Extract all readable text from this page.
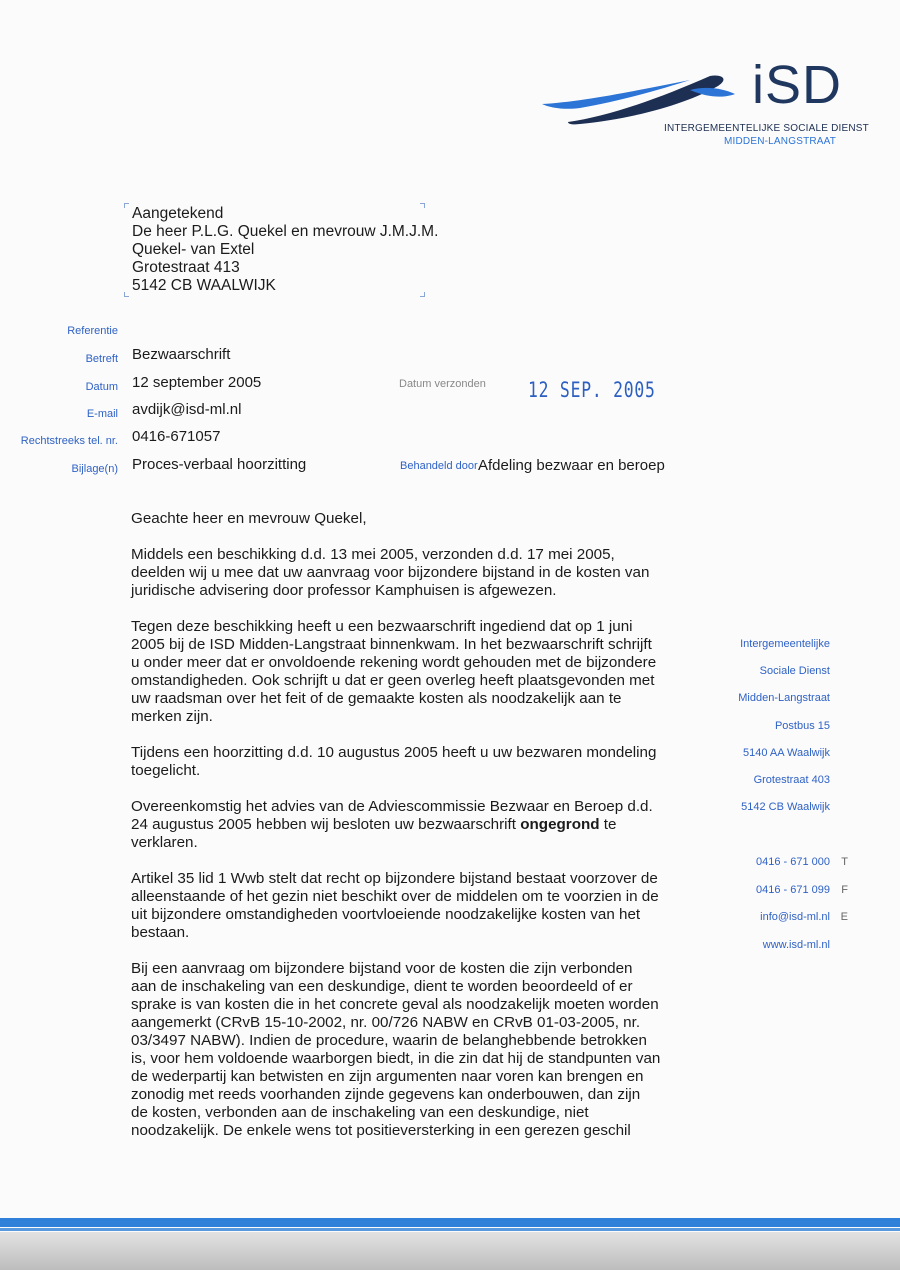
iSD
INTERGEMEENTELIJKE SOCIALE DIENST
MIDDEN-LANGSTRAAT
Aangetekend
De heer P.L.G. Quekel en mevrouw J.M.J.M.
Quekel- van Extel
Grotestraat 413
5142 CB WAALWIJK
Referentie
Betreft Bezwaarschrift
Datum 12 september 2005
E-mail avdijk@isd-ml.nl
Rechtstreeks tel. nr. 0416-671057
Bijlage(n) Proces-verbaal hoorzitting
Datum verzonden 12 SEP. 2005
Behandeld door Afdeling bezwaar en beroep
Geachte heer en mevrouw Quekel,
Middels een beschikking d.d. 13 mei 2005, verzonden d.d. 17 mei 2005,
deelden wij u mee dat uw aanvraag voor bijzondere bijstand in de kosten van
juridische advisering door professor Kamphuisen is afgewezen.
Tegen deze beschikking heeft u een bezwaarschrift ingediend dat op 1 juni
2005 bij de ISD Midden-Langstraat binnenkwam. In het bezwaarschrift schrijft
u onder meer dat er onvoldoende rekening wordt gehouden met de bijzondere
omstandigheden. Ook schrijft u dat er geen overleg heeft plaatsgevonden met
uw raadsman over het feit of de gemaakte kosten als noodzakelijk aan te
merken zijn.
Tijdens een hoorzitting d.d. 10 augustus 2005 heeft u uw bezwaren mondeling
toegelicht.
Overeenkomstig het advies van de Adviescommissie Bezwaar en Beroep d.d.
24 augustus 2005 hebben wij besloten uw bezwaarschrift ongegrond te
verklaren.
Artikel 35 lid 1 Wwb stelt dat recht op bijzondere bijstand bestaat voorzover de
alleenstaande of het gezin niet beschikt over de middelen om te voorzien in de
uit bijzondere omstandigheden voortvloeiende noodzakelijke kosten van het
bestaan.
Bij een aanvraag om bijzondere bijstand voor de kosten die zijn verbonden
aan de inschakeling van een deskundige, dient te worden beoordeeld of er
sprake is van kosten die in het concrete geval als noodzakelijk moeten worden
aangemerkt (CRvB 15-10-2002, nr. 00/726 NABW en CRvB 01-03-2005, nr.
03/3497 NABW). Indien de procedure, waarin de belanghebbende betrokken
is, voor hem voldoende waarborgen biedt, in die zin dat hij de standpunten van
de wederpartij kan betwisten en zijn argumenten naar voren kan brengen en
zonodig met reeds voorhanden zijnde gegevens kan onderbouwen, dan zijn
de kosten, verbonden aan de inschakeling van een deskundige, niet
noodzakelijk. De enkele wens tot positieversterking in een gerezen geschil
Intergemeentelijke
Sociale Dienst
Midden-Langstraat
Postbus 15
5140 AA Waalwijk
Grotestraat 403
5142 CB Waalwijk
0416 - 671 000 T
0416 - 671 099 F
info@isd-ml.nl E
www.isd-ml.nl
